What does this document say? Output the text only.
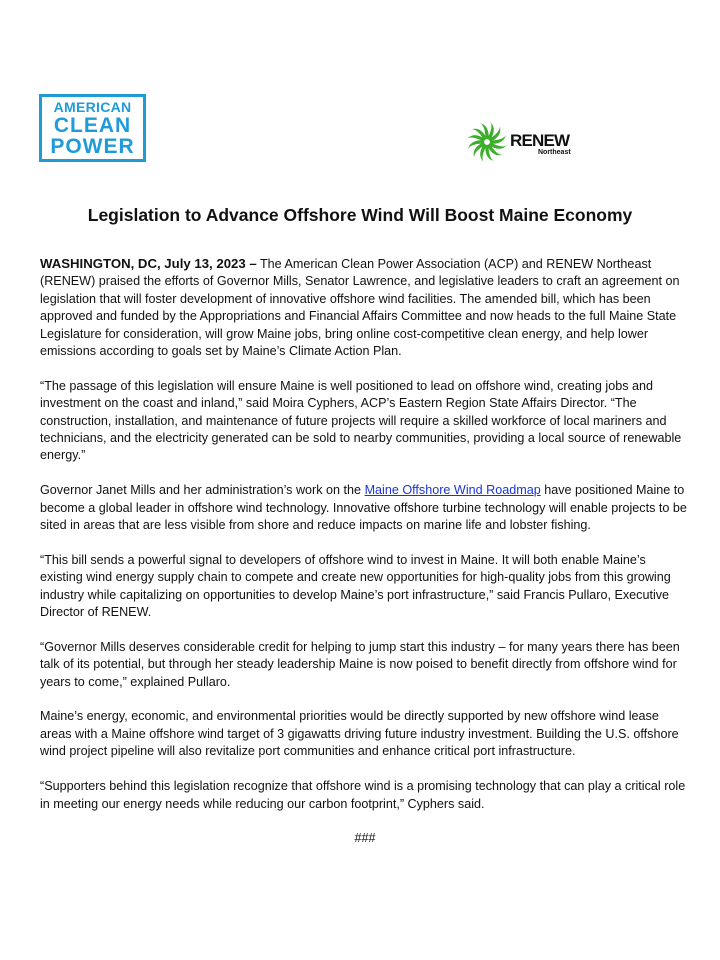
AMERICAN
CLEAN
POWER	RENEW
Northeast
Legislation to Advance Offshore Wind Will Boost Maine Economy

WASHINGTON, DC, July 13, 2023 – The American Clean Power Association (ACP) and RENEW Northeast (RENEW) praised the efforts of Governor Mills, Senator Lawrence, and legislative leaders to craft an agreement on legislation that will foster development of innovative offshore wind facilities. The amended bill, which has been approved and funded by the Appropriations and Financial Affairs Committee and now heads to the full Maine State Legislature for consideration, will grow Maine jobs, bring online cost-competitive clean energy, and help lower emissions according to goals set by Maine’s Climate Action Plan.

“The passage of this legislation will ensure Maine is well positioned to lead on offshore wind, creating jobs and investment on the coast and inland,” said Moira Cyphers, ACP’s Eastern Region State Affairs Director. “The construction, installation, and maintenance of future projects will require a skilled workforce of local mariners and technicians, and the electricity generated can be sold to nearby communities, providing a local source of renewable energy.”

Governor Janet Mills and her administration’s work on the Maine Offshore Wind Roadmap have positioned Maine to become a global leader in offshore wind technology. Innovative offshore turbine technology will enable projects to be sited in areas that are less visible from shore and reduce impacts on marine life and lobster fishing.

“This bill sends a powerful signal to developers of offshore wind to invest in Maine. It will both enable Maine’s existing wind energy supply chain to compete and create new opportunities for high-quality jobs from this growing industry while capitalizing on opportunities to develop Maine’s port infrastructure,” said Francis Pullaro, Executive Director of RENEW.

“Governor Mills deserves considerable credit for helping to jump start this industry – for many years there has been talk of its potential, but through her steady leadership Maine is now poised to benefit directly from offshore wind for years to come,” explained Pullaro.

Maine’s energy, economic, and environmental priorities would be directly supported by new offshore wind lease areas with a Maine offshore wind target of 3 gigawatts driving future industry investment. Building the U.S. offshore wind project pipeline will also revitalize port communities and enhance critical port infrastructure.

“Supporters behind this legislation recognize that offshore wind is a promising technology that can play a critical role in meeting our energy needs while reducing our carbon footprint,” Cyphers said.

###
